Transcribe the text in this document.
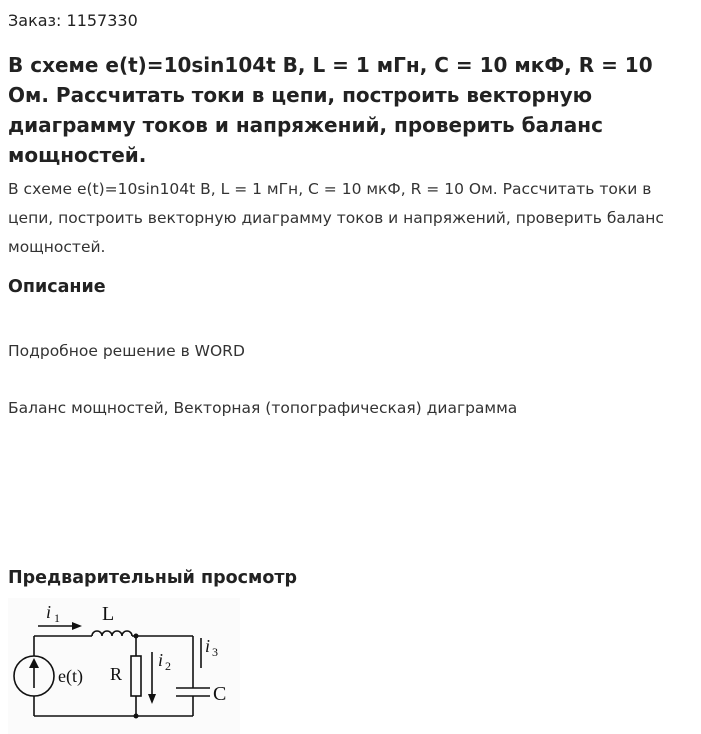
Заказ: 1157330
В схеме e(t)=10sin104t В, L = 1 мГн, C = 10 мкФ, R = 10 Ом. Рассчитать токи в цепи, построить векторную диаграмму токов и напряжений, проверить баланс мощностей.

В схеме e(t)=10sin104t В, L = 1 мГн, C = 10 мкФ, R = 10 Ом. Рассчитать токи в цепи, построить векторную диаграмму токов и напряжений, проверить баланс мощностей.

Описание
Подробное решение в WORD
Баланс мощностей, Векторная (топографическая) диаграмма
Предварительный просмотр
i 1 L
i 2
i 3
e(t) R
C
